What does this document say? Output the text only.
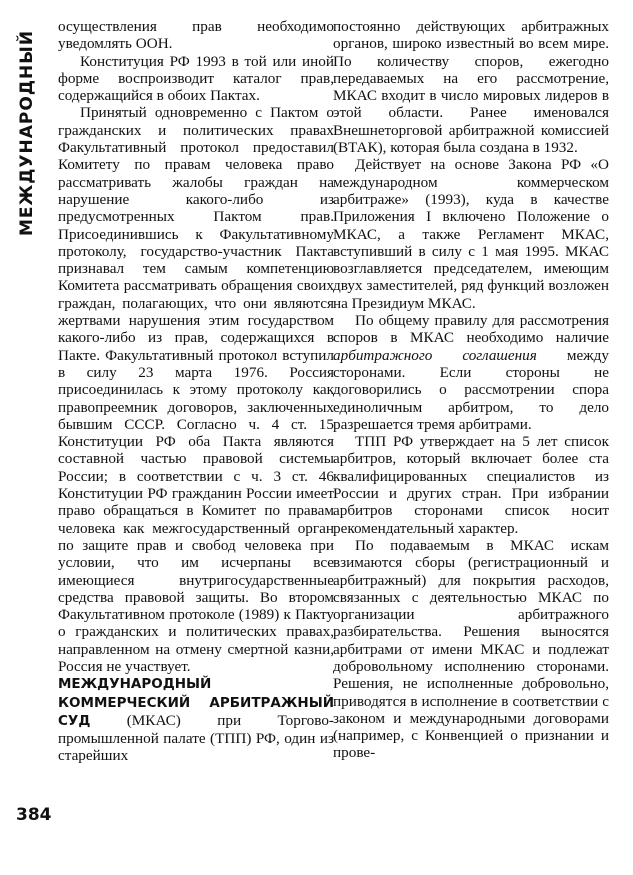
МЕЖДУНАРОДНЫЙ
384

осуществления прав необходимо уведомлять ООН.

Конституция РФ 1993 в той или иной форме воспроизводит каталог прав, содержащийся в обоих Пактах.

Принятый одновременно с Пактом о гражданских и политических правах Факультативный протокол предоставил Комитету по правам человека право рассматривать жалобы граждан на нарушение какого-либо из предусмотренных Пактом прав. Присоединившись к Факультативному протоколу, государство-участник Пакта признавал тем самым компетенцию Комитета рассматривать обращения своих граждан, полагающих, что они являются жертвами нарушения этим государством какого-либо из прав, содержащихся в Пакте. Факультативный протокол вступил в силу 23 марта 1976. Россия присоединилась к этому протоколу как правопреемник договоров, заключенных бывшим СССР. Согласно ч. 4 ст. 15 Конституции РФ оба Пакта являются составной частью правовой системы России; в соответствии с ч. 3 ст. 46 Конституции РФ гражданин России имеет право обращаться в Комитет по правам человека как межгосударственный орган по защите прав и свобод человека при условии, что им исчерпаны все имеющиеся внутригосударственные средства правовой защиты. Во втором Факультативном протоколе (1989) к Пакту о гражданских и политических правах, направленном на отмену смертной казни, Россия не участвует.

МЕЖДУНАРОДНЫЙ КОММЕРЧЕСКИЙ АРБИТРАЖНЫЙ СУД (МКАС) при Торгово-промышленной палате (ТПП) РФ, один из старейших

постоянно действующих арбитражных органов, широко известный во всем мире. По количеству споров, ежегодно передаваемых на его рассмотрение, МКАС входит в число мировых лидеров в этой области. Ранее именовался Внешнеторговой арбитражной комиссией (ВТАК), которая была создана в 1932.

Действует на основе Закона РФ «О международном коммерческом арбитраже» (1993), куда в качестве Приложения I включено Положение о МКАС, а также Регламент МКАС, вступивший в силу с 1 мая 1995. МКАС возглавляется председателем, имеющим двух заместителей, ряд функций возложен на Президиум МКАС.

По общему правилу для рассмотрения споров в МКАС необходимо наличие арбитражного соглашения между сторонами. Если стороны не договорились о рассмотрении спора единоличным арбитром, то дело разрешается тремя арбитрами.

ТПП РФ утверждает на 5 лет список арбитров, который включает более ста квалифицированных специалистов из России и других стран. При избрании арбитров сторонами список носит рекомендательный характер.

По подаваемым в МКАС искам взимаются сборы (регистрационный и арбитражный) для покрытия расходов, связанных с деятельностью МКАС по организации арбитражного разбирательства. Решения выносятся арбитрами от имени МКАС и подлежат добровольному исполнению сторонами. Решения, не исполненные добровольно, приводятся в исполнение в соответствии с законом и международными договорами (например, с Конвенцией о признании и прове-
